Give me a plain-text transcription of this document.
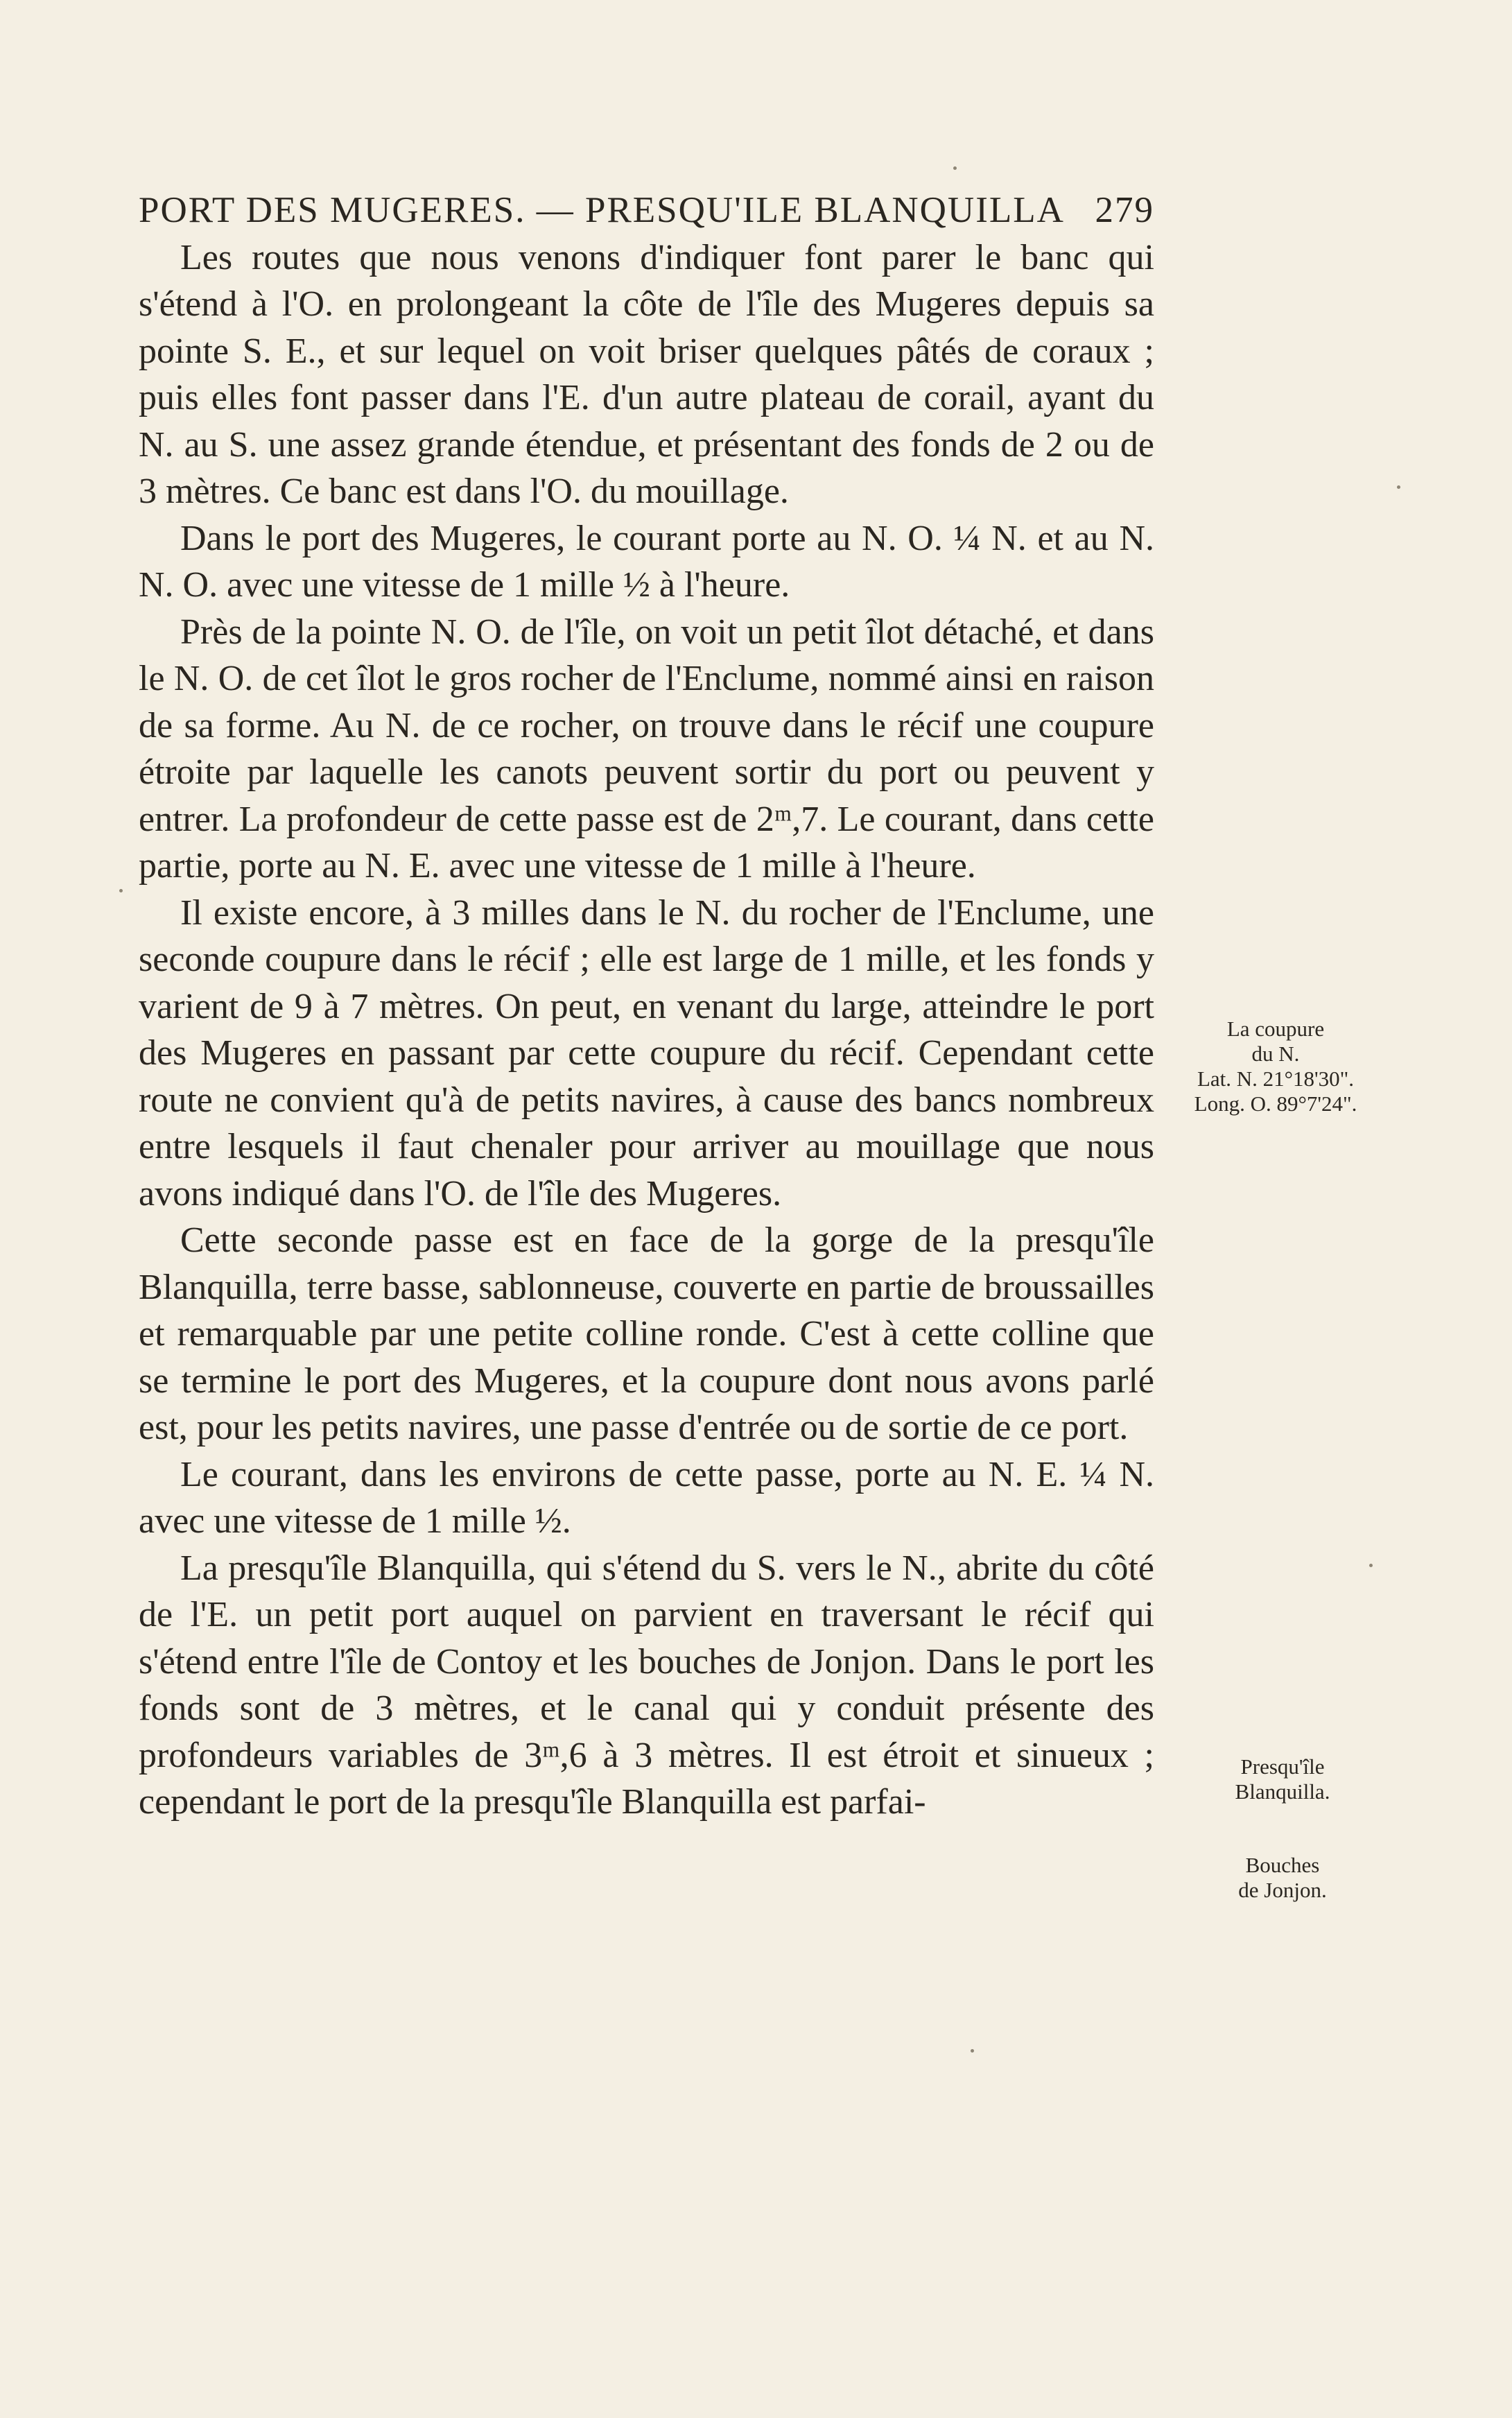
PORT DES MUGERES. — PRESQU'ILE BLANQUILLA 279

Les routes que nous venons d'indiquer font parer le banc qui s'étend à l'O. en prolongeant la côte de l'île des Mugeres depuis sa pointe S. E., et sur lequel on voit briser quelques pâtés de coraux ; puis elles font passer dans l'E. d'un autre plateau de corail, ayant du N. au S. une assez grande étendue, et présentant des fonds de 2 ou de 3 mètres. Ce banc est dans l'O. du mouillage.

Dans le port des Mugeres, le courant porte au N. O. ¼ N. et au N. N. O. avec une vitesse de 1 mille ½ à l'heure.

Près de la pointe N. O. de l'île, on voit un petit îlot détaché, et dans le N. O. de cet îlot le gros rocher de l'Enclume, nommé ainsi en raison de sa forme. Au N. de ce rocher, on trouve dans le récif une coupure étroite par laquelle les canots peuvent sortir du port ou peuvent y entrer. La profondeur de cette passe est de 2ᵐ,7. Le courant, dans cette partie, porte au N. E. avec une vitesse de 1 mille à l'heure.

Il existe encore, à 3 milles dans le N. du rocher de l'Enclume, une seconde coupure dans le récif ; elle est large de 1 mille, et les fonds y varient de 9 à 7 mètres. On peut, en venant du large, atteindre le port des Mugeres en passant par cette coupure du récif. Cependant cette route ne convient qu'à de petits navires, à cause des bancs nombreux entre lesquels il faut chenaler pour arriver au mouillage que nous avons indiqué dans l'O. de l'île des Mugeres.

Cette seconde passe est en face de la gorge de la presqu'île Blanquilla, terre basse, sablonneuse, couverte en partie de broussailles et remarquable par une petite colline ronde. C'est à cette colline que se termine le port des Mugeres, et la coupure dont nous avons parlé est, pour les petits navires, une passe d'entrée ou de sortie de ce port.

Le courant, dans les environs de cette passe, porte au N. E. ¼ N. avec une vitesse de 1 mille ½.

La presqu'île Blanquilla, qui s'étend du S. vers le N., abrite du côté de l'E. un petit port auquel on parvient en traversant le récif qui s'étend entre l'île de Contoy et les bouches de Jonjon. Dans le port les fonds sont de 3 mètres, et le canal qui y conduit présente des profondeurs variables de 3ᵐ,6 à 3 mètres. Il est étroit et sinueux ; cependant le port de la presqu'île Blanquilla est parfai-

La coupure
du N.
Lat. N. 21°18'30".
Long. O. 89°7'24".
Presqu'île
Blanquilla.
Bouches
de Jonjon.
